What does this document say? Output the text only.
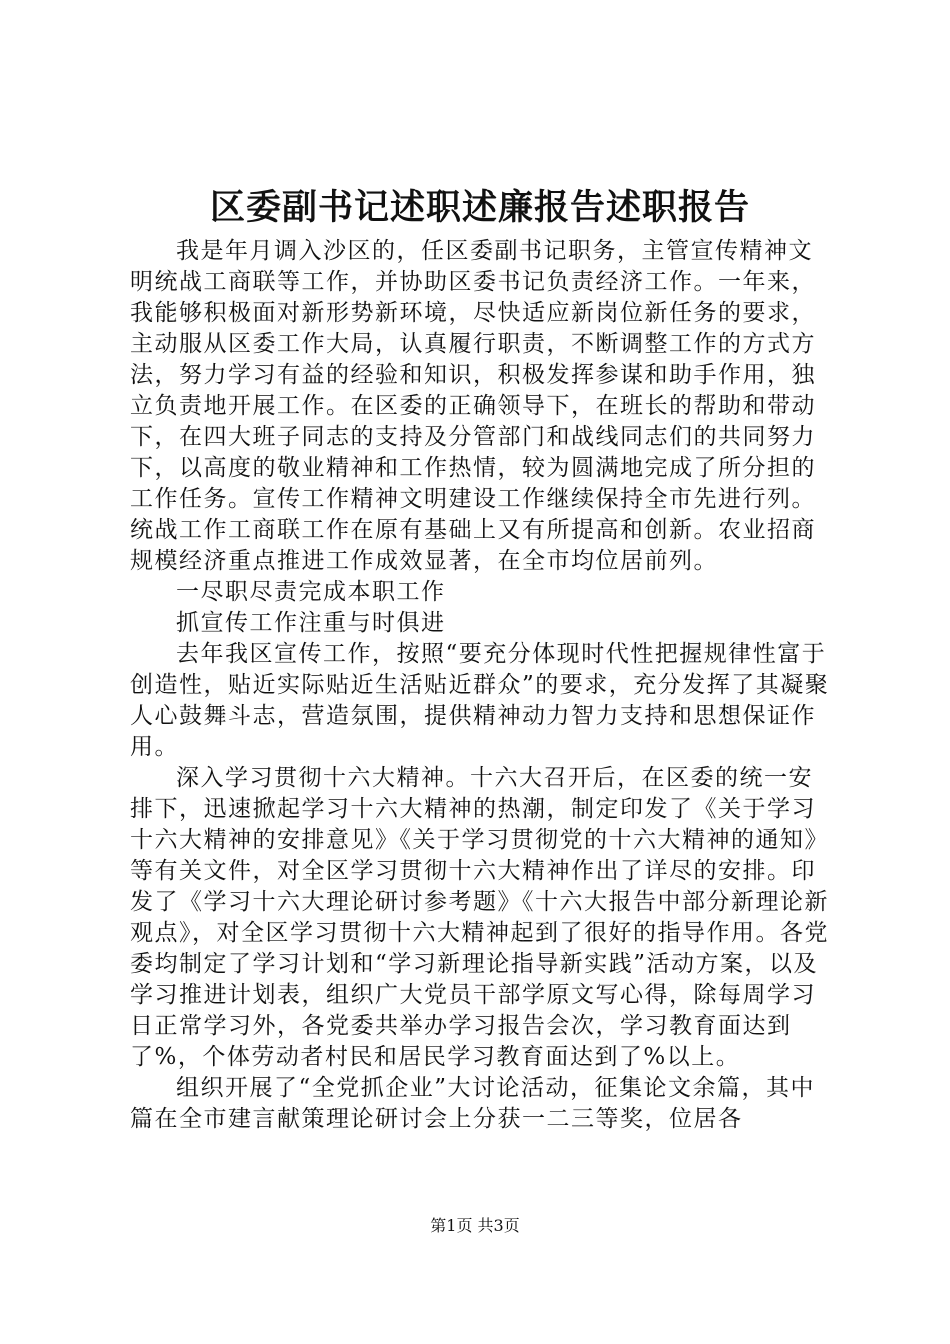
区委副书记述职述廉报告述职报告

我是年月调入沙区的，任区委副书记职务，主管宣传精神文明统战工商联等工作，并协助区委书记负责经济工作。一年来，我能够积极面对新形势新环境，尽快适应新岗位新任务的要求，主动服从区委工作大局，认真履行职责，不断调整工作的方式方法，努力学习有益的经验和知识，积极发挥参谋和助手作用，独立负责地开展工作。在区委的正确领导下，在班长的帮助和带动下，在四大班子同志的支持及分管部门和战线同志们的共同努力下，以高度的敬业精神和工作热情，较为圆满地完成了所分担的工作任务。宣传工作精神文明建设工作继续保持全市先进行列。统战工作工商联工作在原有基础上又有所提高和创新。农业招商规模经济重点推进工作成效显著，在全市均位居前列。

一尽职尽责完成本职工作

抓宣传工作注重与时俱进

去年我区宣传工作，按照“要充分体现时代性把握规律性富于创造性，贴近实际贴近生活贴近群众”的要求，充分发挥了其凝聚人心鼓舞斗志，营造氛围，提供精神动力智力支持和思想保证作用。

深入学习贯彻十六大精神。十六大召开后，在区委的统一安排下，迅速掀起学习十六大精神的热潮，制定印发了《关于学习十六大精神的安排意见》《关于学习贯彻党的十六大精神的通知》等有关文件，对全区学习贯彻十六大精神作出了详尽的安排。印发了《学习十六大理论研讨参考题》《十六大报告中部分新理论新观点》，对全区学习贯彻十六大精神起到了很好的指导作用。各党委均制定了学习计划和“学习新理论指导新实践”活动方案，以及学习推进计划表，组织广大党员干部学原文写心得，除每周学习日正常学习外，各党委共举办学习报告会次，学习教育面达到了%，个体劳动者村民和居民学习教育面达到了%以上。

组织开展了“全党抓企业”大讨论活动，征集论文余篇，其中篇在全市建言献策理论研讨会上分获一二三等奖，位居各

第1页 共3页
